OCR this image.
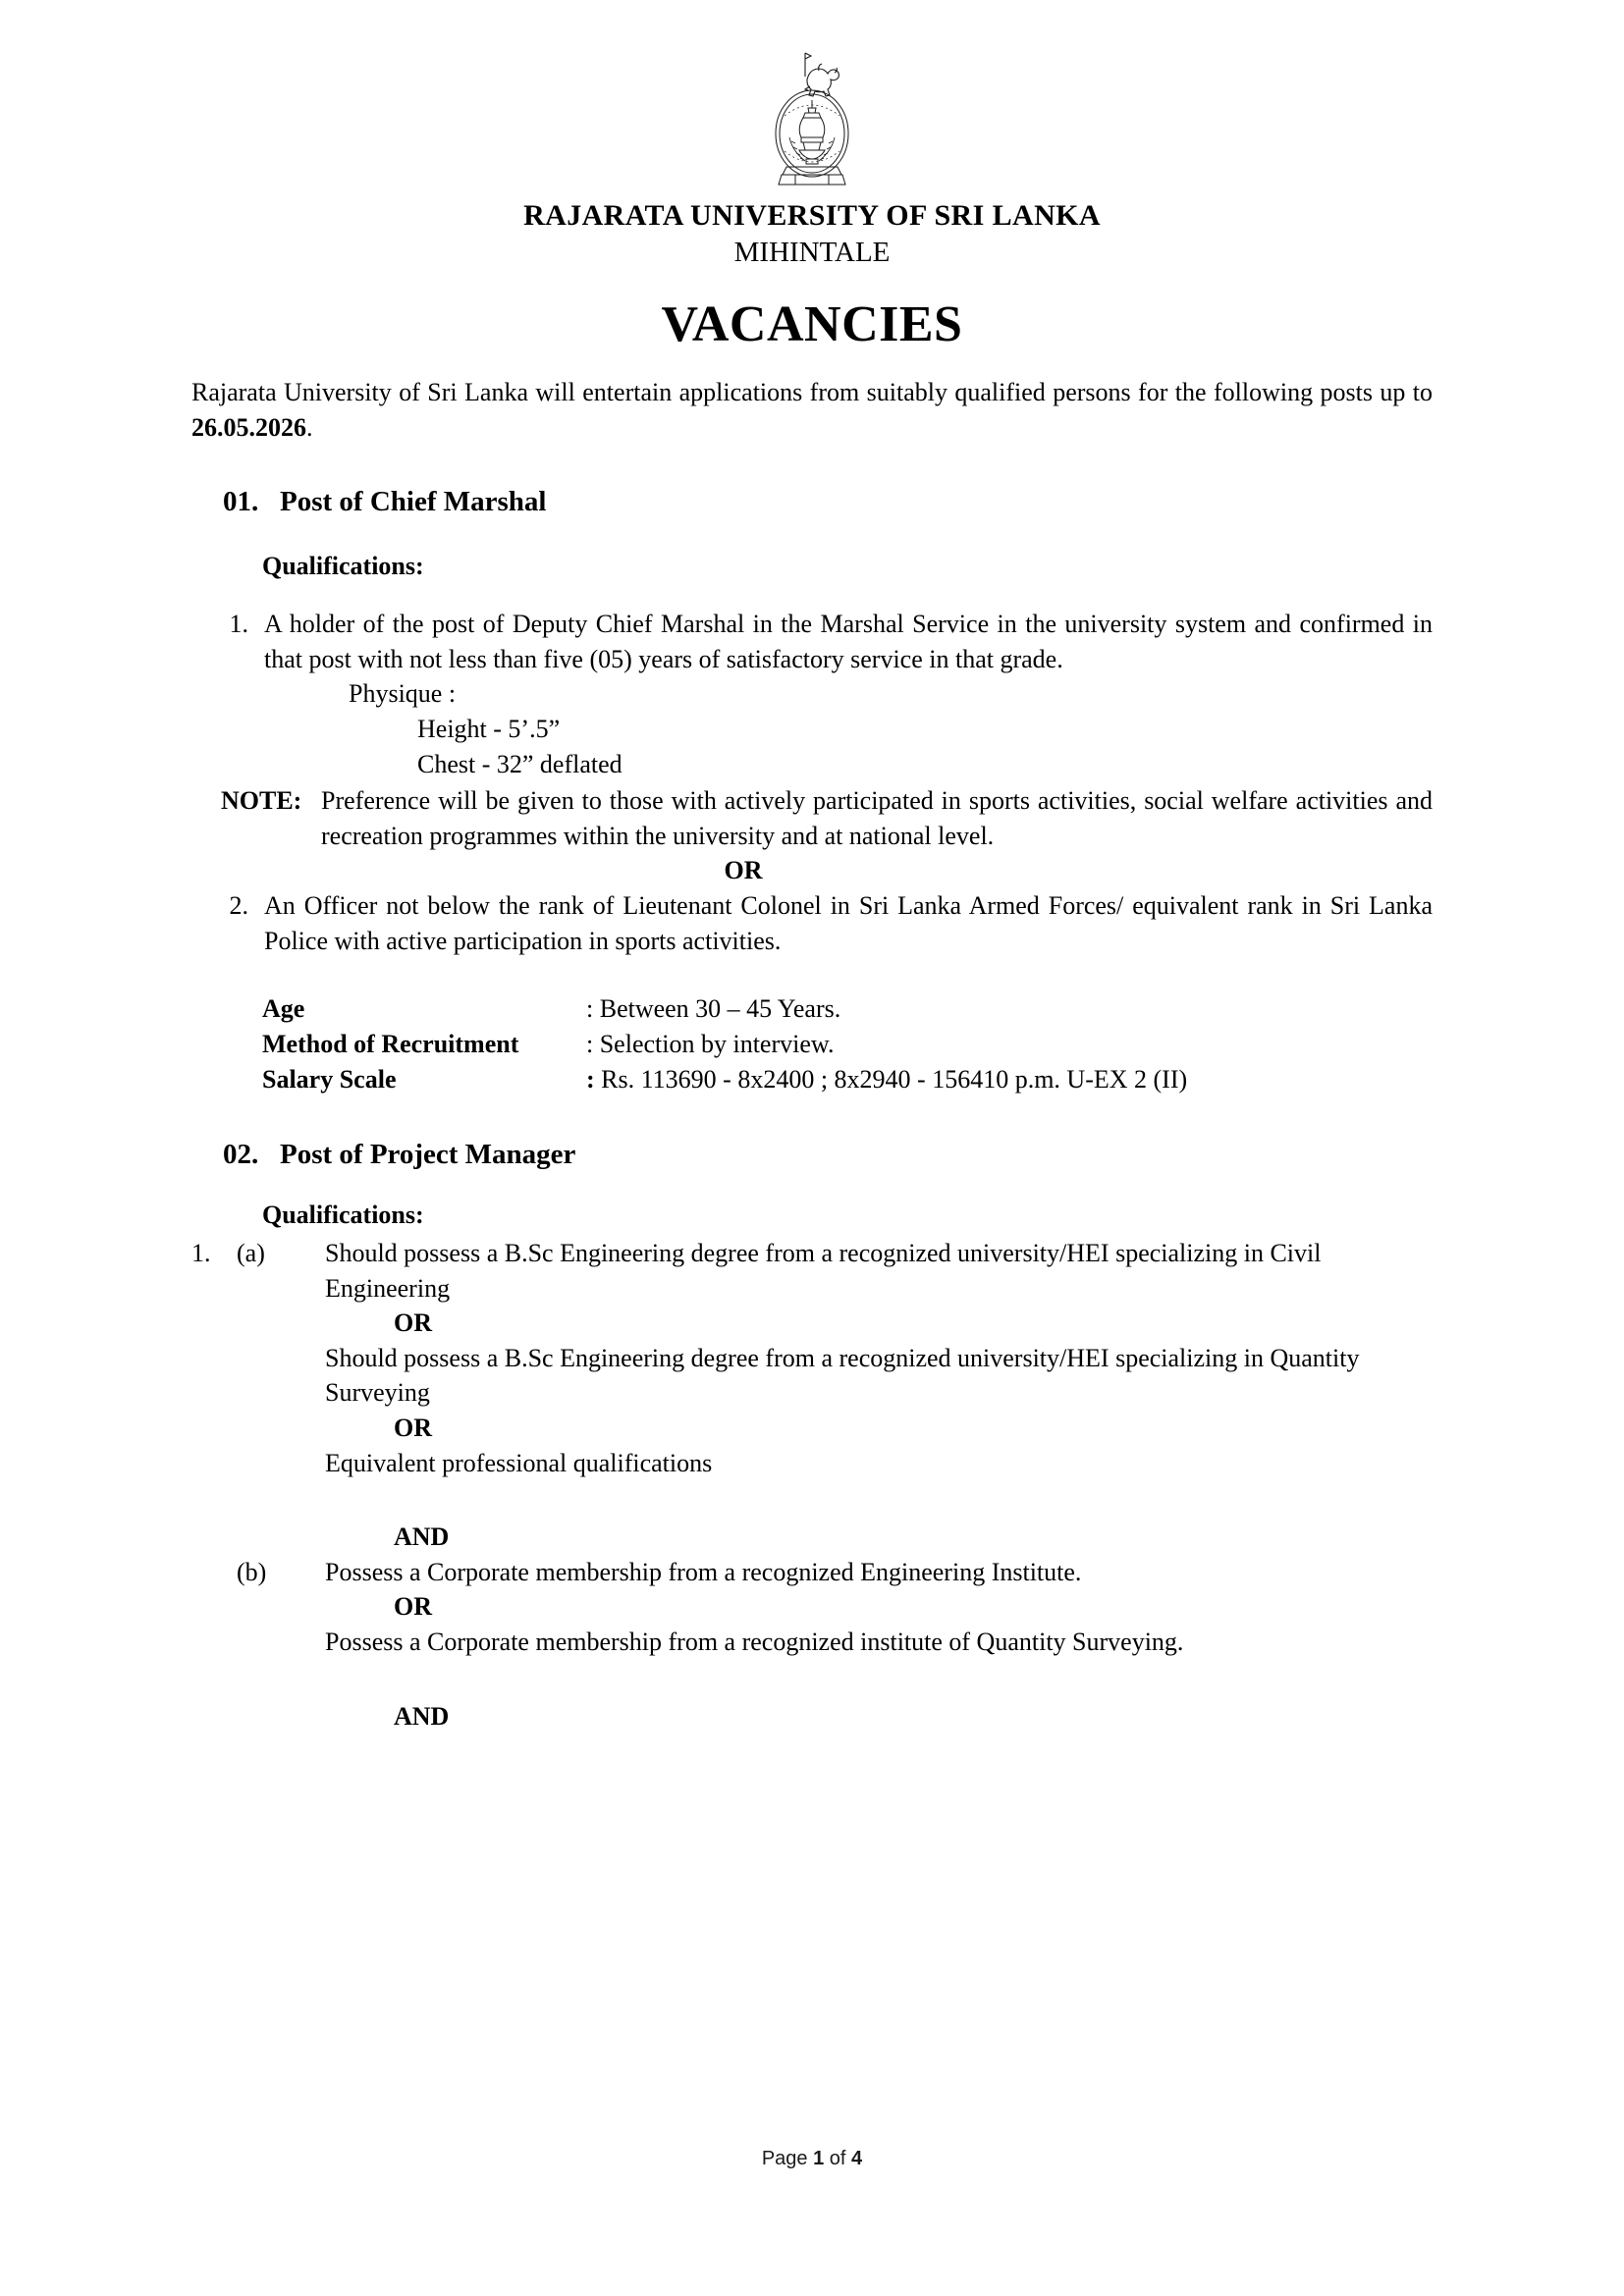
RAJARATA UNIVERSITY OF SRI LANKA
MIHINTALE
VACANCIES

Rajarata University of Sri Lanka will entertain applications from suitably qualified persons for the following posts up to 26.05.2026.

01. Post of Chief Marshal
Qualifications:
1. A holder of the post of Deputy Chief Marshal in the Marshal Service in the university system and confirmed in that post with not less than five (05) years of satisfactory service in that grade.
Physique :
Height - 5’.5”
Chest - 32” deflated
NOTE: Preference will be given to those with actively participated in sports activities, social welfare activities and recreation programmes within the university and at national level.
OR
2. An Officer not below the rank of Lieutenant Colonel in Sri Lanka Armed Forces/ equivalent rank in Sri Lanka Police with active participation in sports activities.
Age	: Between 30 – 45 Years.
Method of Recruitment	: Selection by interview.
Salary Scale	: Rs. 113690 - 8x2400 ; 8x2940 - 156410 p.m. U-EX 2 (II)
02. Post of Project Manager
Qualifications:
1.	(a)	Should possess a B.Sc Engineering degree from a recognized university/HEI specializing in Civil Engineering
OR
Should possess a B.Sc Engineering degree from a recognized university/HEI specializing in Quantity Surveying
OR
Equivalent professional qualifications
AND
(b)	Possess a Corporate membership from a recognized Engineering Institute.
OR
Possess a Corporate membership from a recognized institute of Quantity Surveying.
AND
Page 1 of 4
